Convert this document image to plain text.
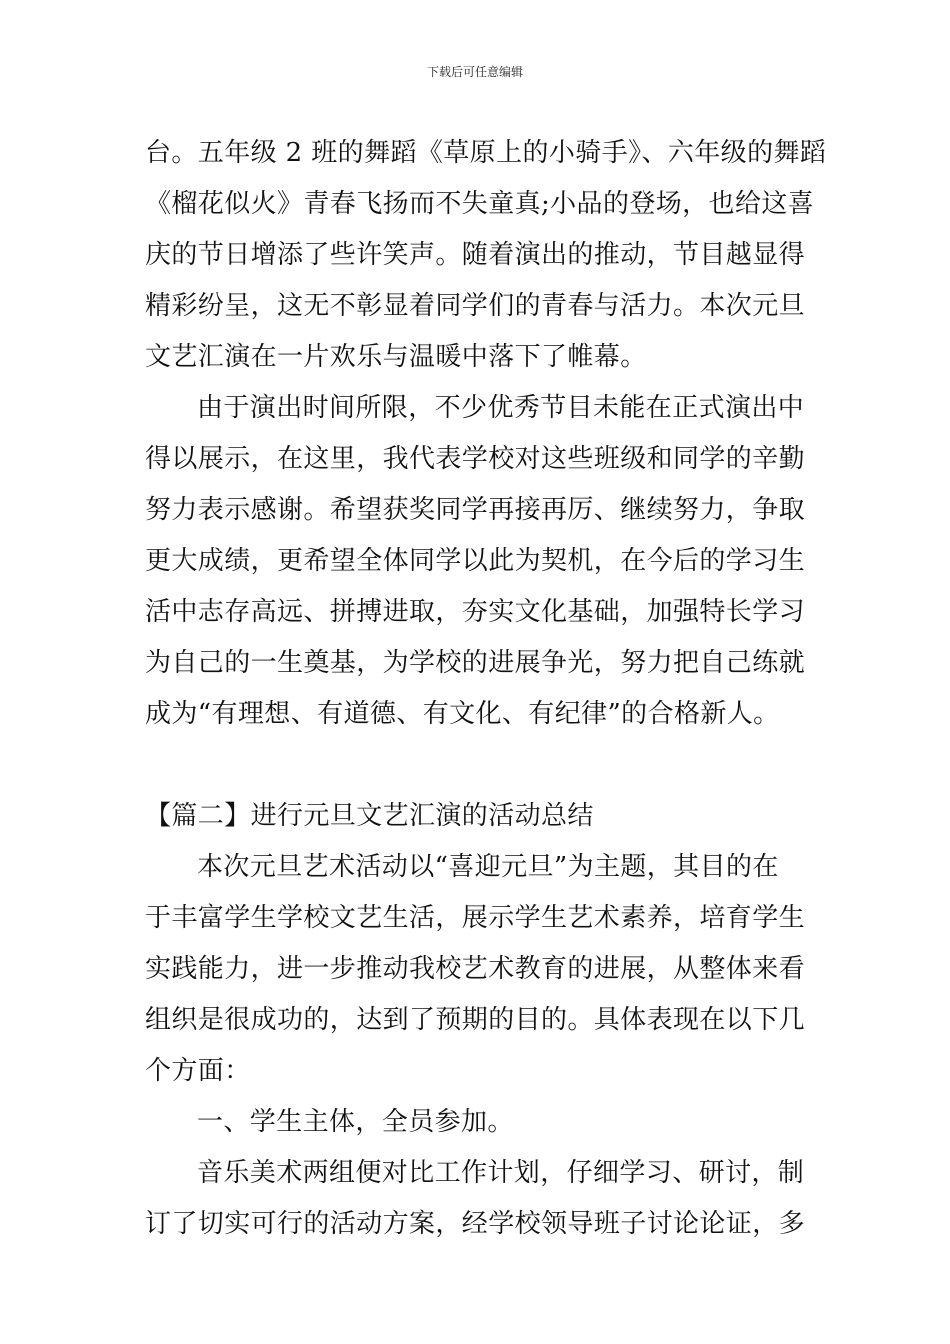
下载后可任意编辑
台。五年级 2 班的舞蹈《草原上的小骑手》、六年级的舞蹈
《榴花似火》青春飞扬而不失童真;小品的登场，也给这喜
庆的节日增添了些许笑声。随着演出的推动，节目越显得
精彩纷呈，这无不彰显着同学们的青春与活力。本次元旦
文艺汇演在一片欢乐与温暖中落下了帷幕。
由于演出时间所限，不少优秀节目未能在正式演出中
得以展示，在这里，我代表学校对这些班级和同学的辛勤
努力表示感谢。希望获奖同学再接再厉、继续努力，争取
更大成绩，更希望全体同学以此为契机，在今后的学习生
活中志存高远、拼搏进取，夯实文化基础，加强特长学习
为自己的一生奠基，为学校的进展争光，努力把自己练就
成为“有理想、有道德、有文化、有纪律”的合格新人。
【篇二】进行元旦文艺汇演的活动总结
本次元旦艺术活动以“喜迎元旦”为主题，其目的在
于丰富学生学校文艺生活，展示学生艺术素养，培育学生
实践能力，进一步推动我校艺术教育的进展，从整体来看
组织是很成功的，达到了预期的目的。具体表现在以下几
个方面：
一、学生主体，全员参加。
音乐美术两组便对比工作计划，仔细学习、研讨，制
订了切实可行的活动方案，经学校领导班子讨论论证，多
